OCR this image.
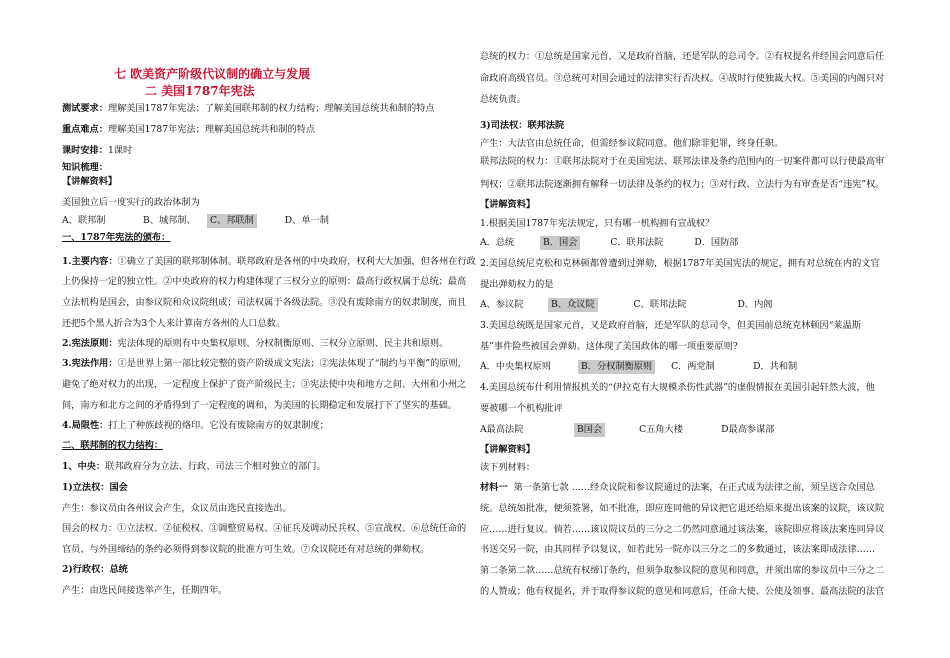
七 欧美资产阶级代议制的确立与发展
二 美国1787年宪法
测试要求：理解美国1787年宪法；了解美国联邦制的权力结构；理解美国总统共和制的特点
重点难点：理解美国1787年宪法；理解美国总统共和制的特点
课时安排：1课时
知识梳理：
【讲解资料】
美国独立后一度实行的政治体制为
A、联邦制	B、城邦制、 C、邦联制	D、单一制
一、1787年宪法的颁布：
1.主要内容：①确立了美国的联邦制体制。联邦政府是各州的中央政府，权利大大加强，但各州在行政
上仍保持一定的独立性。②中央政府的权力构建体现了三权分立的原则：最高行政权属于总统；最高
立法机构是国会，由参议院和众议院组成；司法权属于各级法院。③没有废除南方的奴隶制度，而且
还把5个黑人折合为3个人来计算南方各州的人口总数。
2.宪法原则：宪法体现的原则有中央集权原则、分权制衡原则、三权分立原则、民主共和原则。
3.宪法作用：①是世界上第一部比较完整的资产阶级成文宪法；②宪法体现了“制约与平衡”的原则，
避免了绝对权力的出现，一定程度上保护了资产阶级民主；③宪法使中央和地方之间、大州和小州之
间，南方和北方之间的矛盾得到了一定程度的调和，为美国的长期稳定和发展打下了坚实的基础。
4.局限性：打上了种族歧视的烙印。它没有废除南方的奴隶制度；
二、联邦制的权力结构：
1、中央：联邦政府分为立法、行政、司法三个相对独立的部门。
1)立法权：国会
产生：参议员由各州议会产生，众议员由选民直接选出。
国会的权力：①立法权、②征税权、③调整贸易权、④征兵及调动民兵权、⑤宣战权、⑥总统任命的
官员、与外国缔结的条约必须得到参议院的批准方可生效。⑦众议院还有对总统的弹劾权。
2)行政权：总统
产生：由选民间接选举产生，任期四年。
总统的权力：①总统是国家元首，又是政府首脑，还是军队的总司令。②有权提名并经国会同意后任
命政府高级官员。③总统可对国会通过的法律实行否决权。④战时行使独裁大权。⑤美国的内阁只对
总统负责。
3)司法权：联邦法院
产生：大法官由总统任命，但需经参议院同意。他们除非犯罪，终身任职。
联邦法院的权力：①联邦法院对于在美国宪法、联邦法律及条约范围内的一切案件都可以行使最高审
判权；②联邦法院逐渐拥有解释一切法律及条约的权力；③对行政、立法行为有审查是否“违宪”权。
【讲解资料】
1.根据美国1787年宪法规定，只有哪一机构拥有宣战权？
A．总统	B．国会	C．联邦法院	D．国防部
2.美国总统尼克松和克林顿都曾遭到过弹劾，根据1787年美国宪法的规定，拥有对总统在内的文官
提出弹劾权力的是
A、参议院	B、众议院	C、联邦法院	D、内阁
3.美国总统既是国家元首，又是政府首脑，还是军队的总司令，但美国前总统克林顿因“莱温斯
基”事件险些被国会弹劾。这体现了美国政体的哪一项重要原则?
A．中央集权原则	B．分权制衡原则 C．两党制	D．共和制
4.美国总统布什利用情报机关的“伊拉克有大规模杀伤性武器”的虚假情报在美国引起轩然大波，他
要被哪一个机构批评
A最高法院	B国会	C五角大楼	D最高参谋部
【讲解资料】
读下列材料：
材料一 第一条第七款 ……经众议院和参议院通过的法案，在正式成为法律之前，须呈送合众国总
统。总统如批准，便须签署，如不批准，即应连同他的异议把它退还给原来提出该案的议院，该议院
应……进行复议。倘若……该议院议员的三分之二仍然同意通过该法案，该院即应将该法案连同异议
书送交另一院，由其同样予以复议，如若此另一院亦以三分之二的多数通过，该法案即成法律……
第二条第二款……总统有权缔订条约，但须争取参议院的意见和同意，并须出席的参议员中三分之二
的人赞成；他有权提名，并于取得参议院的意见和同意后，任命大使、公使及领事、最高法院的法官
